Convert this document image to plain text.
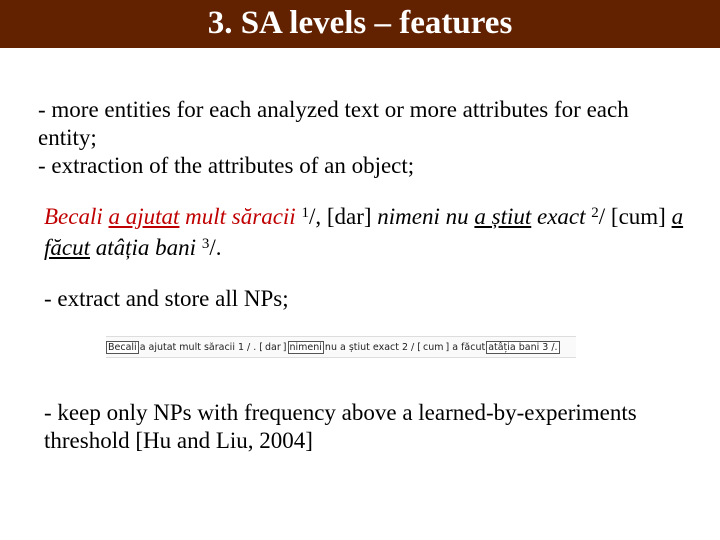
3. SA levels – features
- more entities for each analyzed text or more attributes for each entity;
- extraction of the attributes of an object;
Becali a ajutat mult săracii $^1$/, [dar] nimeni nu a știut exact $^2$/ [cum] a făcut atâția bani $^3$/.
- extract and store all NPs;
Becali a ajutat mult săracii 1 / . [ dar ] nimeni nu a știut exact 2 / [ cum ] a făcut atâția bani 3 /.
- keep only NPs with frequency above a learned-by-experiments threshold [Hu and Liu, 2004]
